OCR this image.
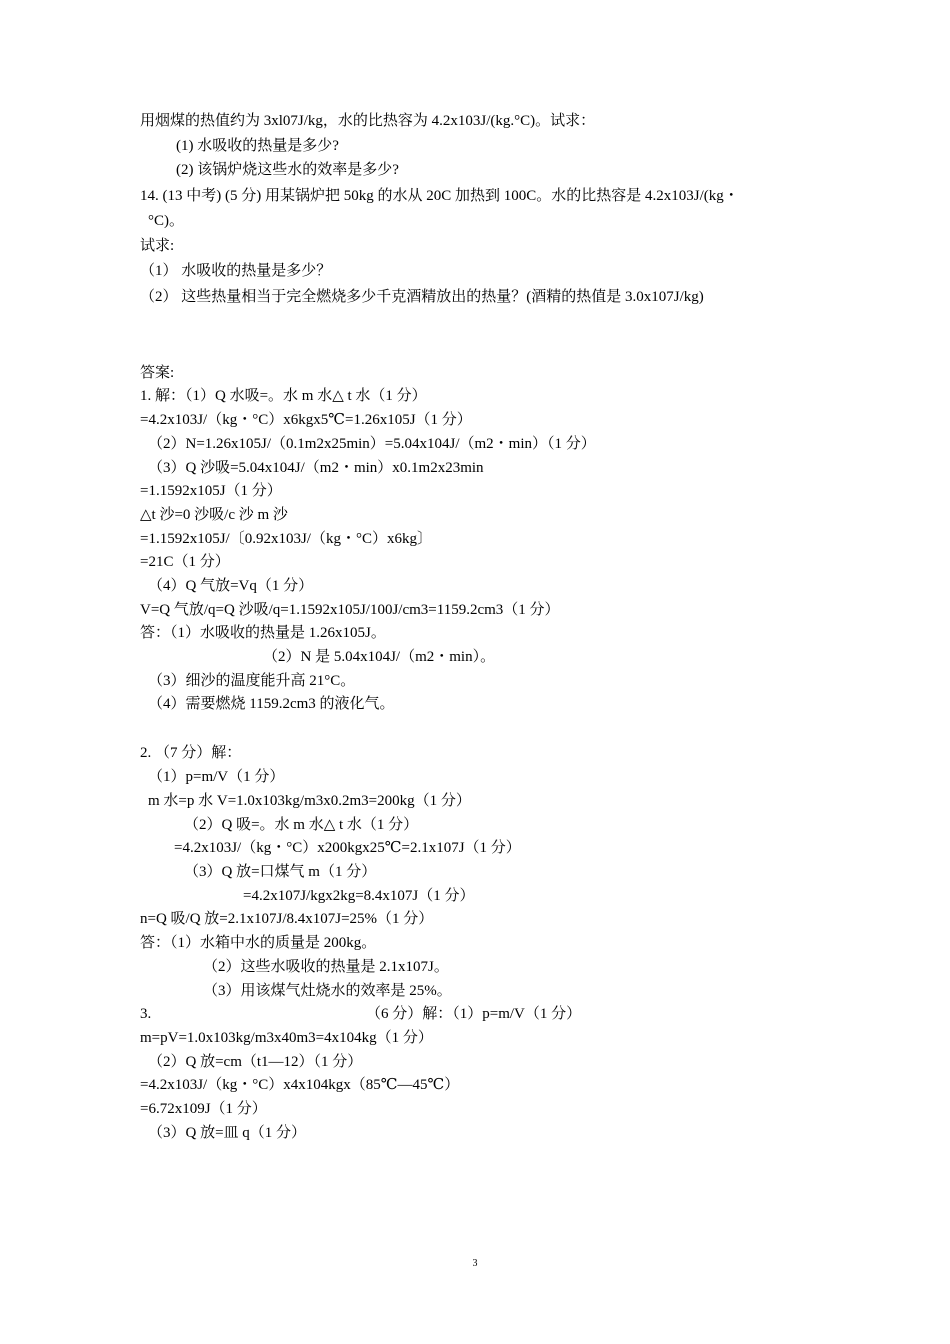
用烟煤的热值约为 3xl07J/kg，水的比热容为 4.2x103J/(kg.°C)。试求：
(1) 水吸收的热量是多少?
(2) 该锅炉烧这些水的效率是多少?
14. (13 中考) (5 分) 用某锅炉把 50kg 的水从 20C 加热到 100C。水的比热容是 4.2x103J/(kg・
°C)。
试求:
（1） 水吸收的热量是多少？
（2） 这些热量相当于完全燃烧多少千克酒精放出的热量？(酒精的热值是 3.0x107J/kg)
答案:
1. 解：（1）Q 水吸=。水 m 水△ t 水（1 分）
=4.2x103J/（kg・°C）x6kgx5℃=1.26x105J（1 分）
（2）N=1.26x105J/（0.1m2x25min）=5.04x104J/（m2・min）（1 分）
（3）Q 沙吸=5.04x104J/（m2・min）x0.1m2x23min
=1.1592x105J（1 分）
△t 沙=0 沙吸/c 沙 m 沙
=1.1592x105J/〔0.92x103J/（kg・°C）x6kg〕
=21C（1 分）
（4）Q 气放=Vq（1 分）
V=Q 气放/q=Q 沙吸/q=1.1592x105J/100J/cm3=1159.2cm3（1 分）
答：（1）水吸收的热量是 1.26x105J。
（2）N 是 5.04x104J/（m2・min）。
（3）细沙的温度能升高 21°C。
（4）需要燃烧 1159.2cm3 的液化气。
2. （7 分）解：
（1）p=m/V（1 分）
m 水=p 水 V=1.0x103kg/m3x0.2m3=200kg（1 分）
（2）Q 吸=。水 m 水△ t 水（1 分）
=4.2x103J/（kg・°C）x200kgx25℃=2.1x107J（1 分）
（3）Q 放=口煤气 m（1 分）
=4.2x107J/kgx2kg=8.4x107J（1 分）
n=Q 吸/Q 放=2.1x107J/8.4x107J=25%（1 分）
答：（1）水箱中水的质量是 200kg。
（2）这些水吸收的热量是 2.1x107J。
（3）用该煤气灶烧水的效率是 25%。
3.	（6 分）解：（1）p=m/V（1 分）
m=pV=1.0x103kg/m3x40m3=4x104kg（1 分）
（2）Q 放=cm（t1—12）（1 分）
=4.2x103J/（kg・°C）x4x104kgx（85℃—45℃）
=6.72x109J（1 分）
（3）Q 放=皿 q（1 分）
3
